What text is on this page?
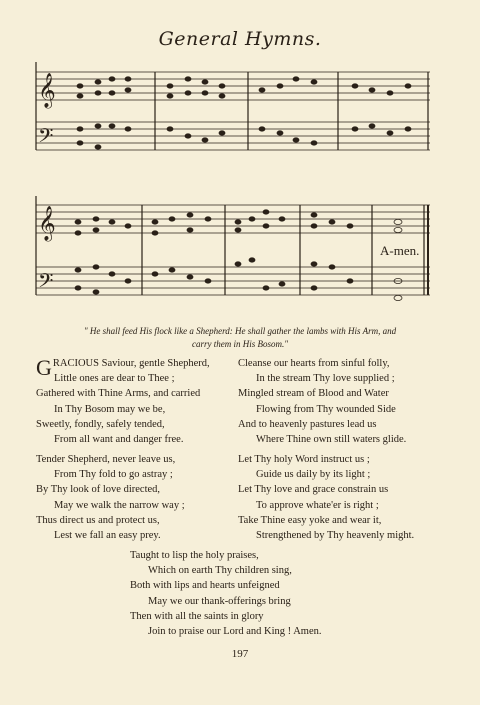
General Hymns.
𝄞
𝄢
𝄞
𝄢
A-men.
" He shall feed His flock like a Shepherd: He shall gather the lambs with His Arm, and
carry them in His Bosom."
GRACIOUS Saviour, gentle Shepherd,
Little ones are dear to Thee ;
Gathered with Thine Arms, and carried
In Thy Bosom may we be,
Sweetly, fondly, safely tended,
From all want and danger free.
Cleanse our hearts from sinful folly,
In the stream Thy love supplied ;
Mingled stream of Blood and Water
Flowing from Thy wounded Side
And to heavenly pastures lead us
Where Thine own still waters glide.
Tender Shepherd, never leave us,
From Thy fold to go astray ;
By Thy look of love directed,
May we walk the narrow way ;
Thus direct us and protect us,
Lest we fall an easy prey.
Let Thy holy Word instruct us ;
Guide us daily by its light ;
Let Thy love and grace constrain us
To approve whate'er is right ;
Take Thine easy yoke and wear it,
Strengthened by Thy heavenly might.
Taught to lisp the holy praises,
Which on earth Thy children sing,
Both with lips and hearts unfeigned
May we our thank-offerings bring
Then with all the saints in glory
Join to praise our Lord and King ! Amen.
197
